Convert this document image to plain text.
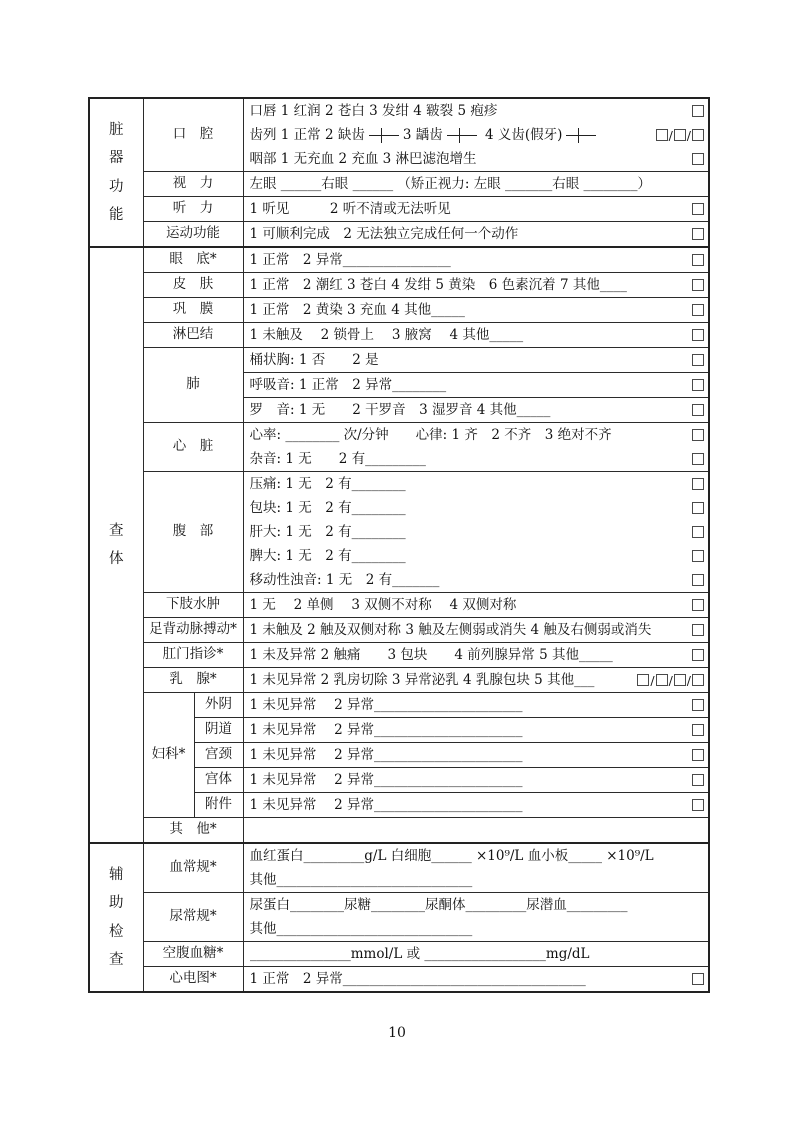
脏器功能	口　腔		口唇 1 红润 2 苍白 3 发绀 4 皲裂 5 疱疹
齿列 1 正常 2 缺齿 3 龋齿 4 义齿(假牙) / /
咽部 1 无充血 2 充血 3 淋巴滤泡增生

	视　力		左眼 ______右眼 ______ （矫正视力: 左眼 _______右眼 ________）

	听　力		1 听见　　　2 听不清或无法听见

	运动功能		1 可顺利完成　2 无法独立完成任何一个动作

查体	眼　底*		1 正常　2 异常________________

	皮　肤		1 正常　2 潮红 3 苍白 4 发绀 5 黄染　6 色素沉着 7 其他____

	巩　膜		1 正常　2 黄染 3 充血 4 其他_____

	淋巴结		1 未触及　 2 锁骨上　 3 腋窝　 4 其他_____

	肺		桶状胸: 1 否　　2 是

			呼吸音: 1 正常　2 异常________

			罗　音: 1 无　　2 干罗音　3 湿罗音 4 其他_____

	心　脏		心率: ________ 次/分钟　　心律: 1 齐　2 不齐　3 绝对不齐
杂音: 1 无　　2 有_________

	腹　部		压痛: 1 无　2 有________
包块: 1 无　2 有________
肝大: 1 无　2 有________
脾大: 1 无　2 有________
移动性浊音: 1 无　2 有_______

	下肢水肿		1 无　 2 单侧　 3 双侧不对称　 4 双侧对称

	足背动脉搏动*		1 未触及 2 触及双侧对称 3 触及左侧弱或消失 4 触及右侧弱或消失

	肛门指诊*		1 未及异常 2 触痛　　3 包块　　4 前列腺异常 5 其他_____

	乳　腺*		1 未见异常 2 乳房切除 3 异常泌乳 4 乳腺包块 5 其他___ / / /

	妇科*	外阴	1 未见异常　 2 异常______________________

		阴道	1 未见异常　 2 异常______________________

		宫颈	1 未见异常　 2 异常______________________

		宫体	1 未见异常　 2 异常______________________

		附件	1 未见异常　 2 异常______________________

	其　他*		

辅助检查	血常规*		血红蛋白_________g/L 白细胞______ ×10⁹/L 血小板_____ ×10⁹/L
其他_____________________________

	尿常规*		尿蛋白________尿糖________尿酮体_________尿潜血_________
其他_____________________________

	空腹血糖*		_______________mmol/L 或 __________________mg/dL

	心电图*		1 正常　2 异常____________________________________
10
